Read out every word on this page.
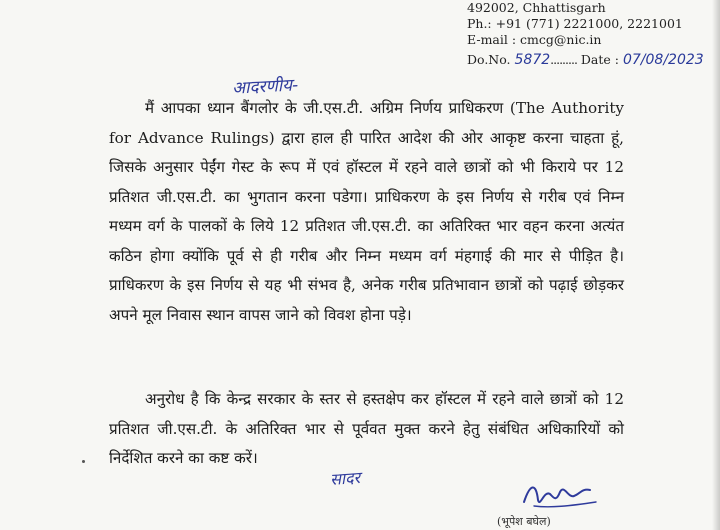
492002, Chhattisgarh
Ph.: +91 (771) 2221000, 2221001
E-mail : cmcg@nic.in
Do.No. 5872......... Date : 07/08/2023
आदरणीय-
मैं आपका ध्यान बैंगलोर के जी.एस.टी. अग्रिम निर्णय प्राधिकरण (The Authority for Advance Rulings) द्वारा हाल ही पारित आदेश की ओर आकृष्ट करना चाहता हूं, जिसके अनुसार पेईंग गेस्ट के रूप में एवं हॉस्टल में रहने वाले छात्रों को भी किराये पर 12 प्रतिशत जी.एस.टी. का भुगतान करना पडेगा। प्राधिकरण के इस निर्णय से गरीब एवं निम्न मध्यम वर्ग के पालकों के लिये 12 प्रतिशत जी.एस.टी. का अतिरिक्त भार वहन करना अत्यंत कठिन होगा क्योंकि पूर्व से ही गरीब और निम्न मध्यम वर्ग मंहगाई की मार से पीड़ित है। प्राधिकरण के इस निर्णय से यह भी संभव है, अनेक गरीब प्रतिभावान छात्रों को पढ़ाई छोड़कर अपने मूल निवास स्थान वापस जाने को विवश होना पड़े।
अनुरोध है कि केन्द्र सरकार के स्तर से हस्तक्षेप कर हॉस्टल में रहने वाले छात्रों को 12 प्रतिशत जी.एस.टी. के अतिरिक्त भार से पूर्ववत मुक्त करने हेतु संबंधित अधिकारियों को निर्देशित करने का कष्ट करें।
सादर
(भूपेश बघेल)
